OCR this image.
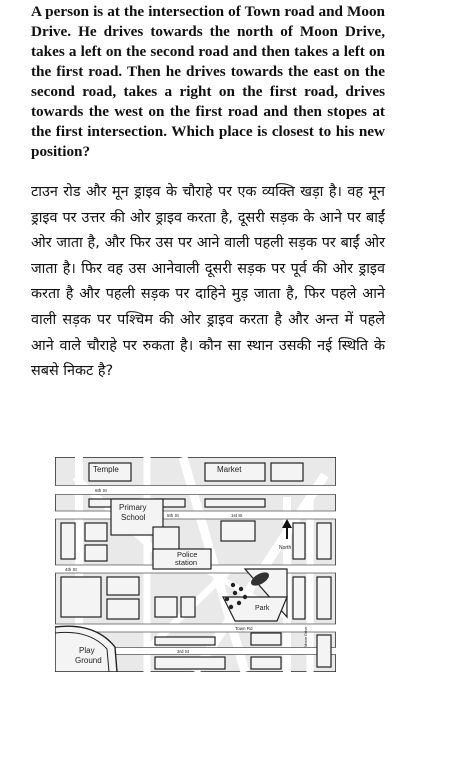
A person is at the intersection of Town road and Moon Drive. He drives towards the north of Moon Drive, takes a left on the second road and then takes a left on the first road. Then he drives towards the east on the second road, takes a right on the first road, drives towards the west on the first road and then stopes at the first intersection. Which place is closest to his new position?

टाउन रोड और मून ड्राइव के चौराहे पर एक व्यक्ति खड़ा है। वह मून ड्राइव पर उत्तर की ओर ड्राइव करता है, दूसरी सड़क के आने पर बाईं ओर जाता है, और फिर उस पर आने वाली पहली सड़क पर बाईं ओर जाता है। फिर वह उस आनेवाली दूसरी सड़क पर पूर्व की ओर ड्राइव करता है और पहली सड़क पर दाहिने मुड़ जाता है, फिर पहले आने वाली सड़क पर पश्चिम की ओर ड्राइव करता है और अन्त में पहले आने वाले चौराहे पर रुकता है। कौन सा स्थान उसकी नई स्थिति के सबसे निकट है?

Temple	Market
Primary
School
Police
station
Park
Play
Ground
North
1st St
5th St
6th St
Town Rd	Moon Drive
4th St
3rd St
